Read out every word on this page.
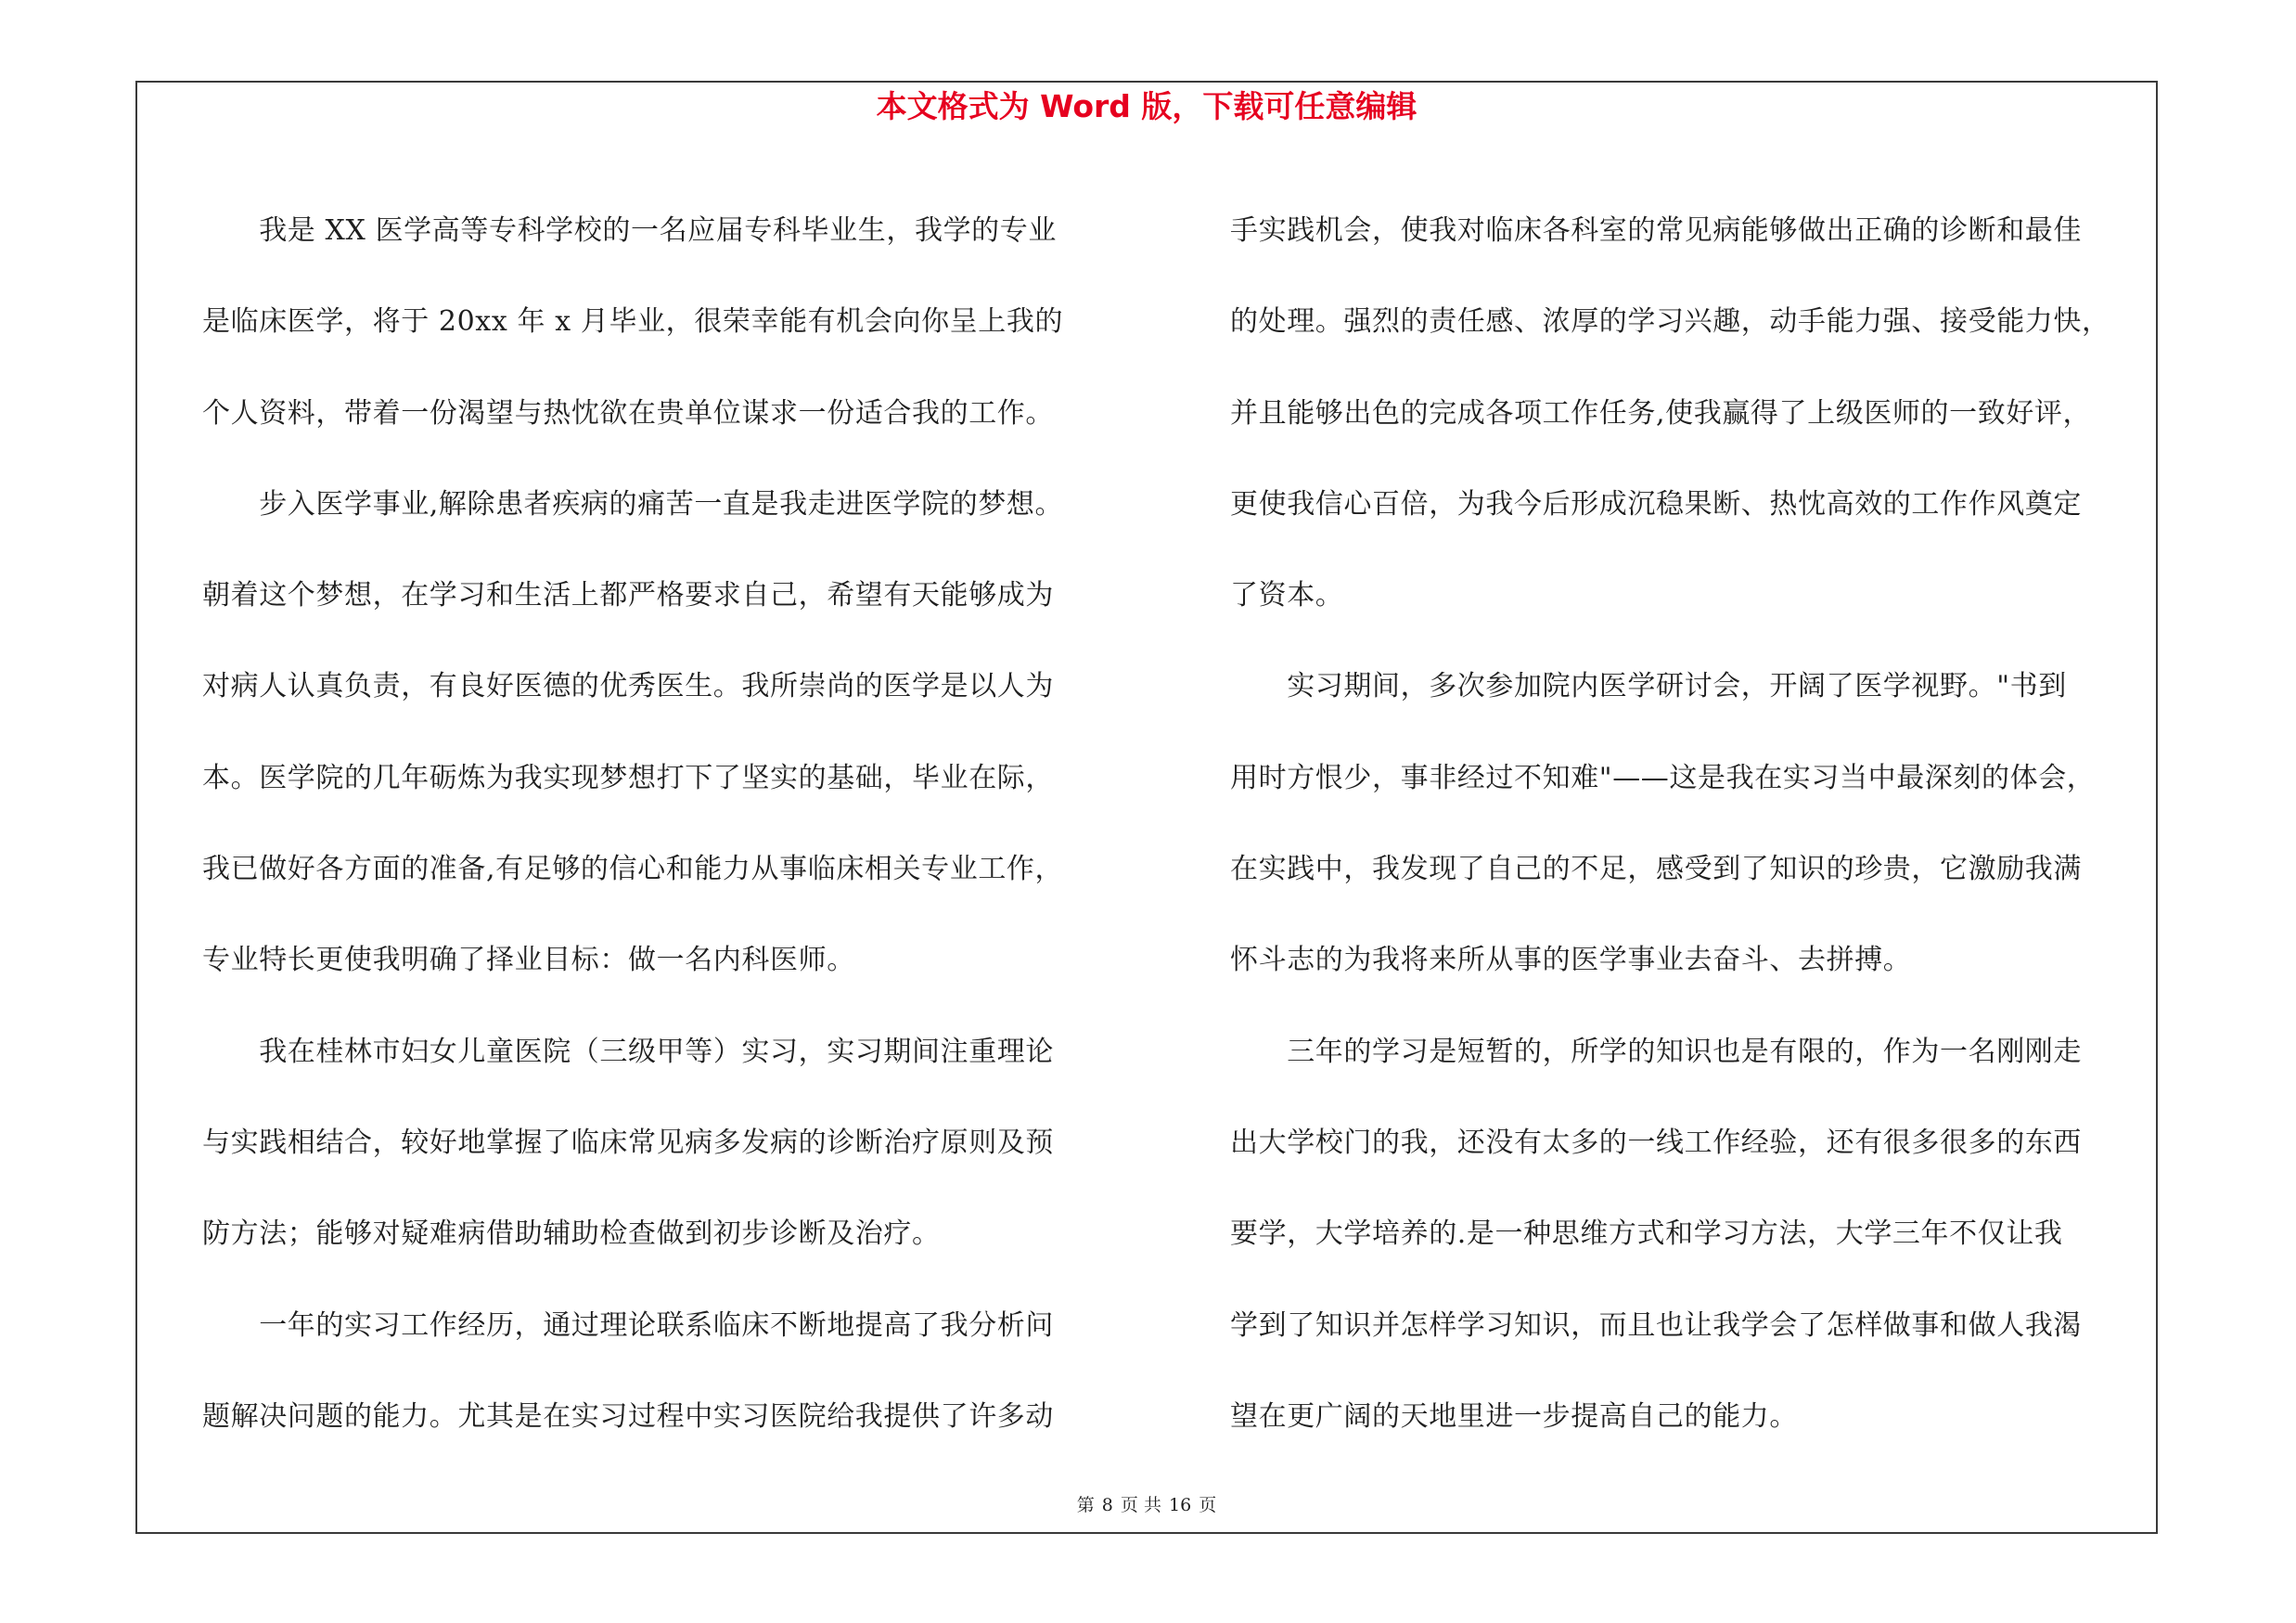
本文格式为 Word 版，下载可任意编辑
　　我是 XX 医学高等专科学校的一名应届专科毕业生，我学的专业
是临床医学，将于 20xx 年 x 月毕业，很荣幸能有机会向你呈上我的
个人资料，带着一份渴望与热忱欲在贵单位谋求一份适合我的工作。
　　步入医学事业,解除患者疾病的痛苦一直是我走进医学院的梦想。
朝着这个梦想，在学习和生活上都严格要求自己，希望有天能够成为
对病人认真负责，有良好医德的优秀医生。我所崇尚的医学是以人为
本。医学院的几年砺炼为我实现梦想打下了坚实的基础，毕业在际，
我已做好各方面的准备,有足够的信心和能力从事临床相关专业工作，
专业特长更使我明确了择业目标：做一名内科医师。
　　我在桂林市妇女儿童医院（三级甲等）实习，实习期间注重理论
与实践相结合，较好地掌握了临床常见病多发病的诊断治疗原则及预
防方法；能够对疑难病借助辅助检查做到初步诊断及治疗。
　　一年的实习工作经历，通过理论联系临床不断地提高了我分析问
题解决问题的能力。尤其是在实习过程中实习医院给我提供了许多动
手实践机会，使我对临床各科室的常见病能够做出正确的诊断和最佳
的处理。强烈的责任感、浓厚的学习兴趣，动手能力强、接受能力快，
并且能够出色的完成各项工作任务,使我赢得了上级医师的一致好评，
更使我信心百倍，为我今后形成沉稳果断、热忱高效的工作作风奠定
了资本。
　　实习期间，多次参加院内医学研讨会，开阔了医学视野。"书到
用时方恨少，事非经过不知难"——这是我在实习当中最深刻的体会，
在实践中，我发现了自己的不足，感受到了知识的珍贵，它激励我满
怀斗志的为我将来所从事的医学事业去奋斗、去拼搏。
　　三年的学习是短暂的，所学的知识也是有限的，作为一名刚刚走
出大学校门的我，还没有太多的一线工作经验，还有很多很多的东西
要学，大学培养的.是一种思维方式和学习方法，大学三年不仅让我
学到了知识并怎样学习知识，而且也让我学会了怎样做事和做人我渴
望在更广阔的天地里进一步提高自己的能力。
第 8 页 共 16 页
